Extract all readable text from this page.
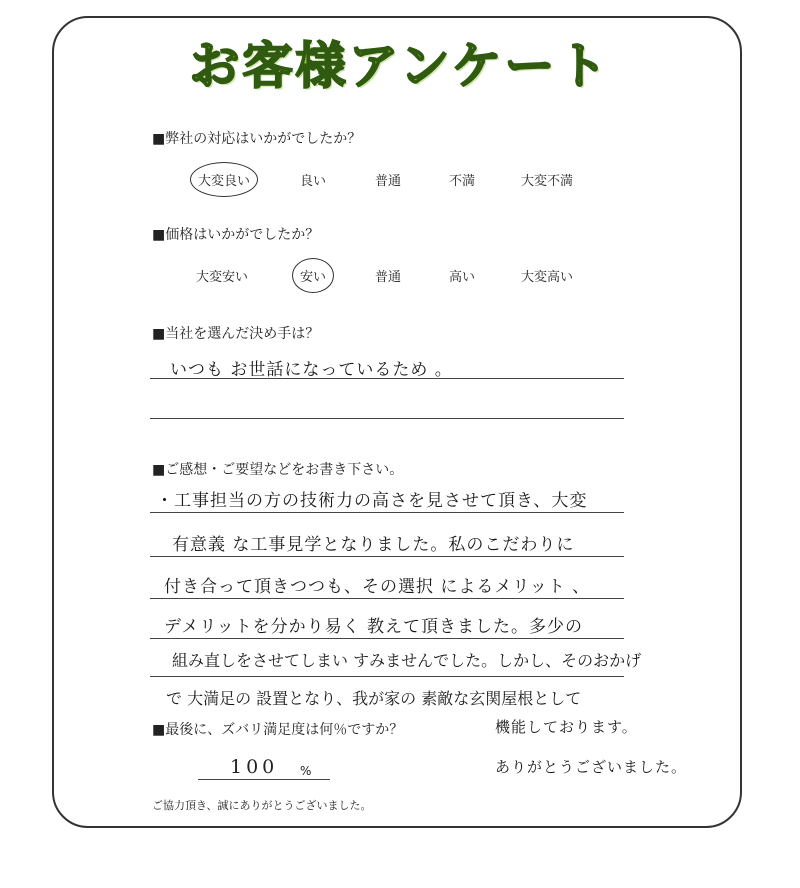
お客様アンケート
■弊社の対応はいかがでしたか？
大変良い	良い	普通	不満	大変不満
■価格はいかがでしたか？
大変安い	安い	普通	高い	大変高い
■当社を選んだ決め手は？
いつも お世話になっているため 。
■ご感想・ご要望などをお書き下さい。
・工事担当の方の技術力の高さを見させて頂き、大変
有意義 な工事見学となりました。私のこだわりに
付き合って頂きつつも、その選択 によるメリット 、
デメリットを分かり易く 教えて頂きました。多少の
組み直しをさせてしまい すみませんでした。しかし、そのおかげ
で 大満足の 設置となり、我が家の 素敵な玄関屋根として
機能しております。
ありがとうございました。
■最後に、ズバリ満足度は何％ですか？
100 %
ご協力頂き、誠にありがとうございました。
